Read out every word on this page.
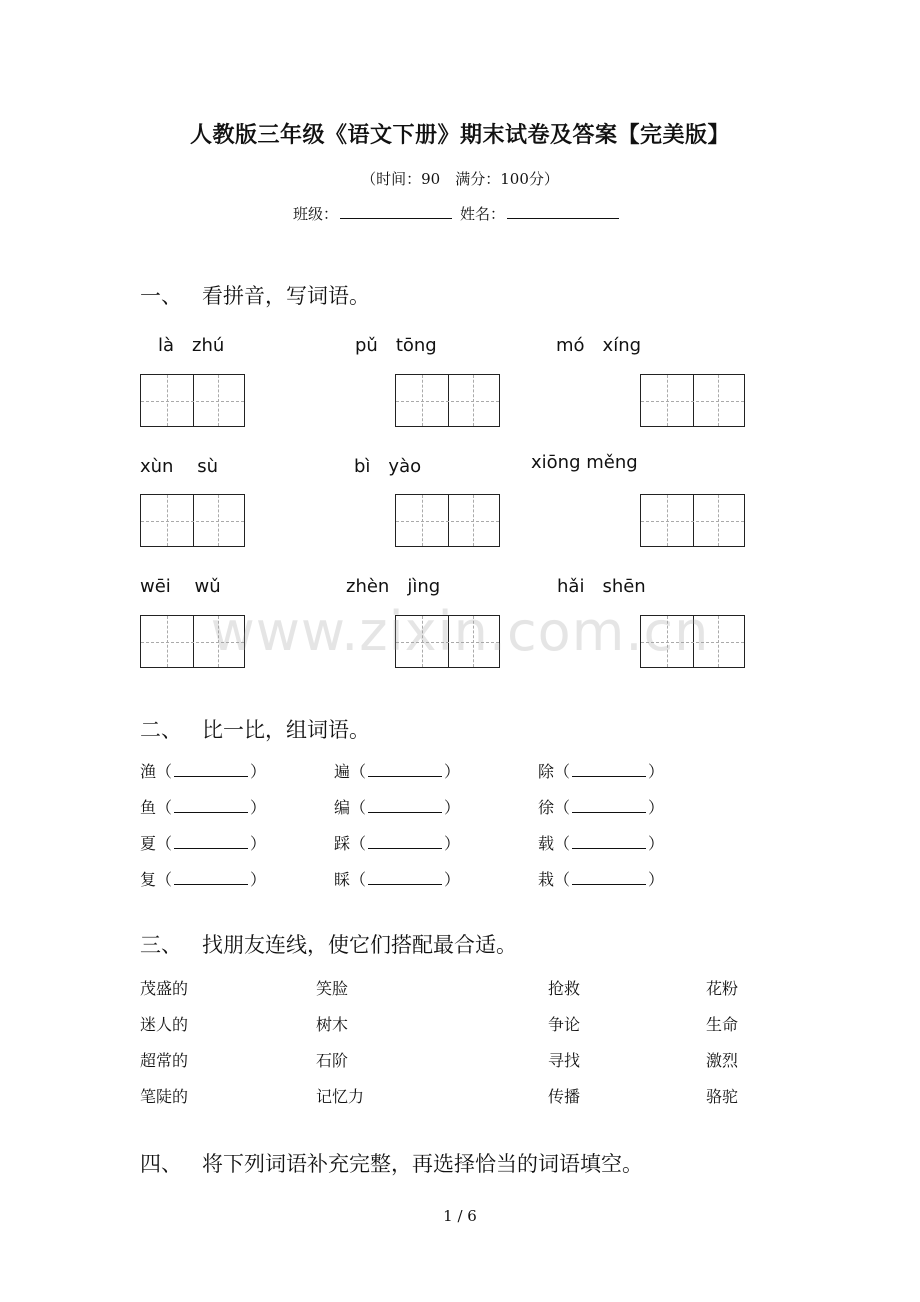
人教版三年级《语文下册》期末试卷及答案【完美版】
（时间：90　满分：100分）
班级：	姓名：
一、 看拼音，写词语。
là　zhú	pǔ　tōng	mó　xíng
xùn　 sù	bì　yào	xiōng měng
wēi　 wǔ	zhèn　jìng	hǎi　shēn
二、 比一比，组词语。
渔（	）	遍（	）	除（	）
鱼（	）	编（	）	徐（	）
夏（	）	踩（	）	载（	）
复（	）	睬（	）	栽（	）
三、 找朋友连线，使它们搭配最合适。
茂盛的	笑脸	抢救	花粉
迷人的	树木	争论	生命
超常的	石阶	寻找	激烈
笔陡的	记忆力	传播	骆驼
四、 将下列词语补充完整，再选择恰当的词语填空。
www.zixin.com.cn
1 / 6
